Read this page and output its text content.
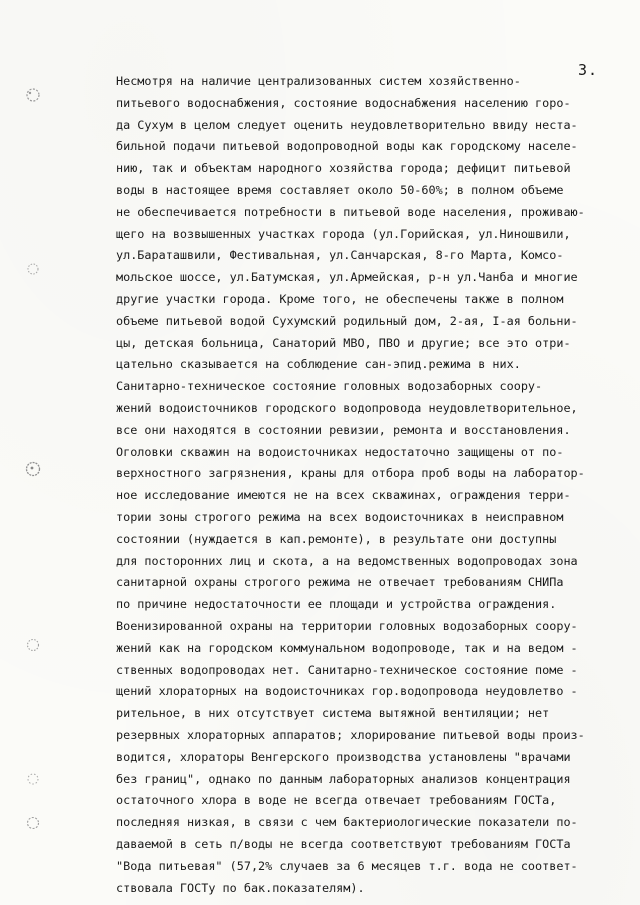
3.
Несмотря на наличие централизованных систем хозяйственно-
питьевого водоснабжения, состояние водоснабжения населению горо-
да Сухум в целом следует оценить неудовлетворительно ввиду неста-
бильной подачи питьевой водопроводной воды как городскому населе-
нию, так и объектам народного хозяйства города; дефицит питьевой
воды в настоящее время составляет около 50-60%; в полном объеме
не обеспечивается потребности в питьевой воде населения, проживаю-
щего на возвышенных участках города (ул.Горийская, ул.Ниношвили,
ул.Бараташвили, Фестивальная, ул.Санчарская, 8-го Марта, Комсо-
мольское шоссе, ул.Батумская, ул.Армейская, р-н ул.Чанба и многие
другие участки города. Кроме того, не обеспечены также в полном
объеме питьевой водой Сухумский родильный дом, 2-ая, I-ая больни-
цы, детская больница, Санаторий МВО, ПВО и другие; все это отри-
цательно сказывается на соблюдение сан-эпид.режима в них.
Санитарно-техническое состояние головных водозаборных соору-
жений водоисточников городского водопровода неудовлетворительное,
все они находятся в состоянии ревизии, ремонта и восстановления.
Оголовки скважин на водоисточниках недостаточно защищены от по-
верхностного загрязнения, краны для отбора проб воды на лаборатор-
ное исследование имеются не на всех скважинах, ограждения терри-
тории зоны строгого режима на всех водоисточниках в неисправном
состоянии (нуждается в кап.ремонте), в результате они доступны
для посторонних лиц и скота, а на ведомственных водопроводах зона
санитарной охраны строгого режима не отвечает требованиям СНИПа
по причине недостаточности ее площади и устройства ограждения.
Военизированной охраны на территории головных водозаборных соору-
жений как на городском коммунальном водопроводе, так и на ведом -
ственных водопроводах нет. Санитарно-техническое состояние поме -
щений хлораторных на водоисточниках гор.водопровода неудовлетво -
рительное, в них отсутствует система вытяжной вентиляции; нет
резервных хлораторных аппаратов; хлорирование питьевой воды произ-
водится, хлораторы Венгерского производства установлены "врачами
без границ", однако по данным лабораторных анализов концентрация
остаточного хлора в воде не всегда отвечает требованиям ГОСТа,
последняя низкая, в связи с чем бактериологические показатели по-
даваемой в сеть п/воды не всегда соответствуют требованиям ГОСТа
"Вода питьевая" (57,2% случаев за 6 месяцев т.г. вода не соответ-
ствовала ГОСТу по бак.показателям).
